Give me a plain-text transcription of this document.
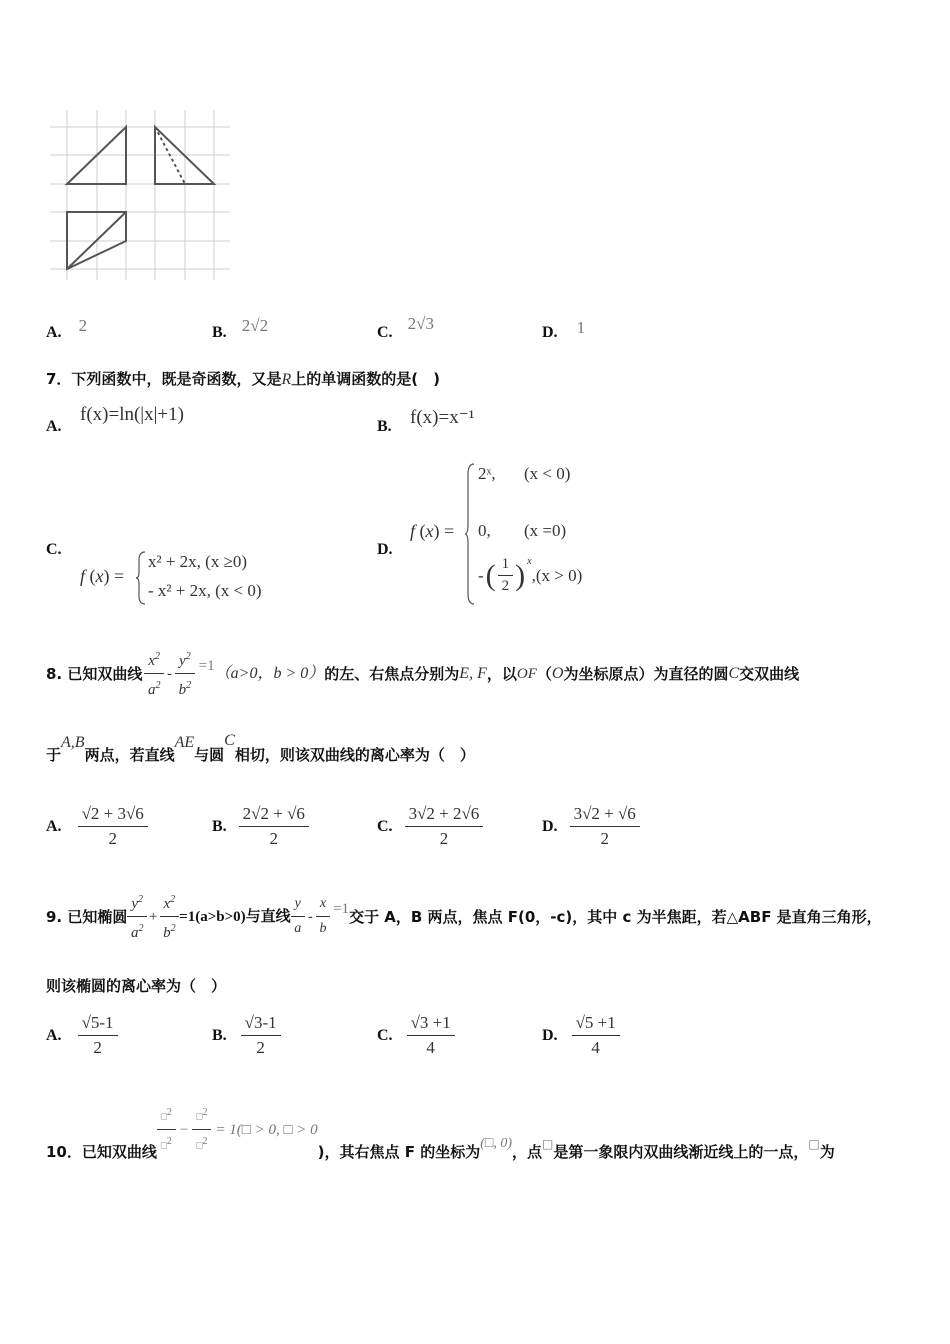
A. 2	B. 2√2	C. 2√3	D. 1
7．下列函数中，既是奇函数，又是R上的单调函数的是(　)
A.
f(x)=ln(|x|+1)
B. f(x)=x⁻¹
C.
f (x) =
x² + 2x, (x ≥0)
- x² + 2x, (x < 0)
D.
f (x) =
2ˣ, (x < 0)
0, (x =0)
- ( $\frac{1}{2}$ ) x
,(x > 0)
8. 已知双曲线 $\frac{x^2}{a^2} - \frac{y^2}{b^2} =1$ （a>0，b > 0） 的左、右焦点分别为 E, F ，以 OF （ O 为坐标原点）为直径的圆 C 交双曲线
于
A,B
两点，若直线
AE
与圆
C
相切，则该双曲线的离心率为（　）
A. $\frac{√2 + 3√6}{2}$	B. $\frac{2√2 + √6}{2}$	C. $\frac{3√2 + 2√6}{2}$	D. $\frac{3√2 + √6}{2}$
9. 已知椭圆 $\frac{y^2}{a^2} + \frac{x^2}{b^2} =1(a>b>0)$与直线 $\frac{y}{a} - \frac{x}{b} =1$ 交于 A，B 两点，焦点 F(0，-c)，其中 c 为半焦距，若△ABF 是直角三角形，
则该椭圆的离心率为（　）
A. $\frac{√5-1}{2}$	B. $\frac{√3-1}{2}$	C. $\frac{√3 +1}{4}$	D. $\frac{√5 +1}{4}$
10．已知双曲线 $\frac{□^2}{□^2} - \frac{□^2}{□^2}$ = 1(□ > 0, □ > 0
)，其右焦点 F 的坐标为 (□, 0) ，点 □ 是第一象限内双曲线渐近线上的一点， □ 为
